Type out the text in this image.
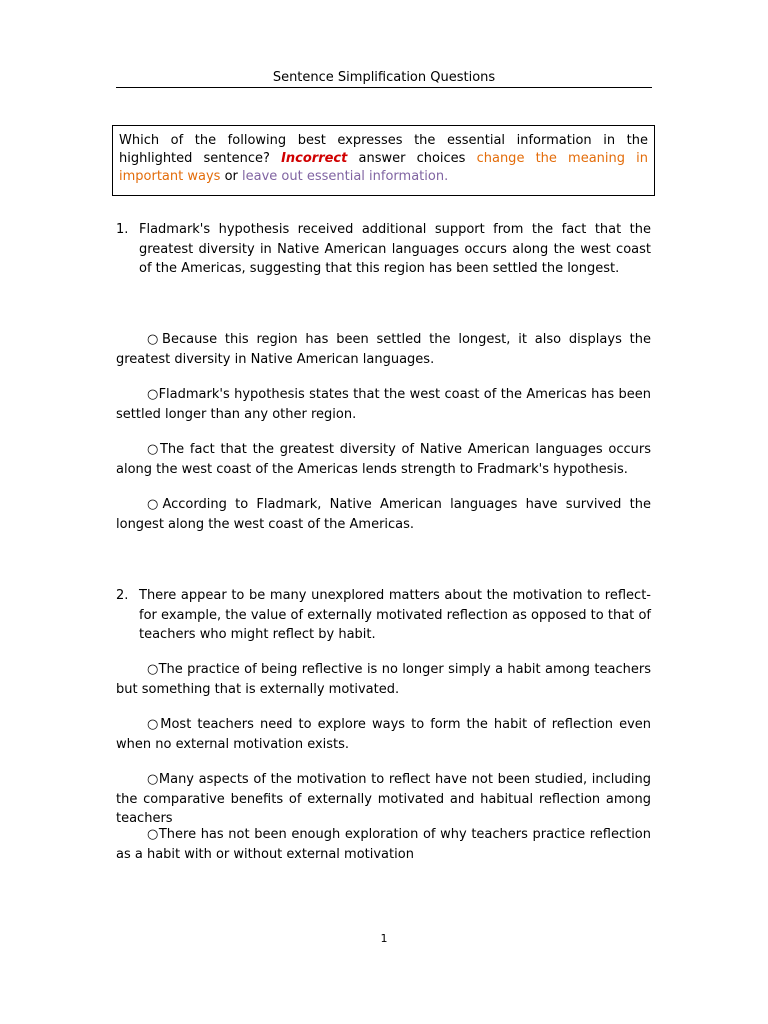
Sentence Simplification Questions
Which of the following best expresses the essential information in the highlighted sentence? Incorrect answer choices change the meaning in important ways or leave out essential information.
1. Fladmark's hypothesis received additional support from the fact that the greatest diversity in Native American languages occurs along the west coast of the Americas, suggesting that this region has been settled the longest.
○Because this region has been settled the longest, it also displays the greatest diversity in Native American languages.
○Fladmark's hypothesis states that the west coast of the Americas has been settled longer than any other region.
○The fact that the greatest diversity of Native American languages occurs along the west coast of the Americas lends strength to Fradmark's hypothesis.
○According to Fladmark, Native American languages have survived the longest along the west coast of the Americas.
2. There appear to be many unexplored matters about the motivation to reflect-for example, the value of externally motivated reflection as opposed to that of teachers who might reflect by habit.
○The practice of being reflective is no longer simply a habit among teachers but something that is externally motivated.
○Most teachers need to explore ways to form the habit of reflection even when no external motivation exists.
○Many aspects of the motivation to reflect have not been studied, including the comparative benefits of externally motivated and habitual reflection among teachers
○There has not been enough exploration of why teachers practice reflection as a habit with or without external motivation
1
